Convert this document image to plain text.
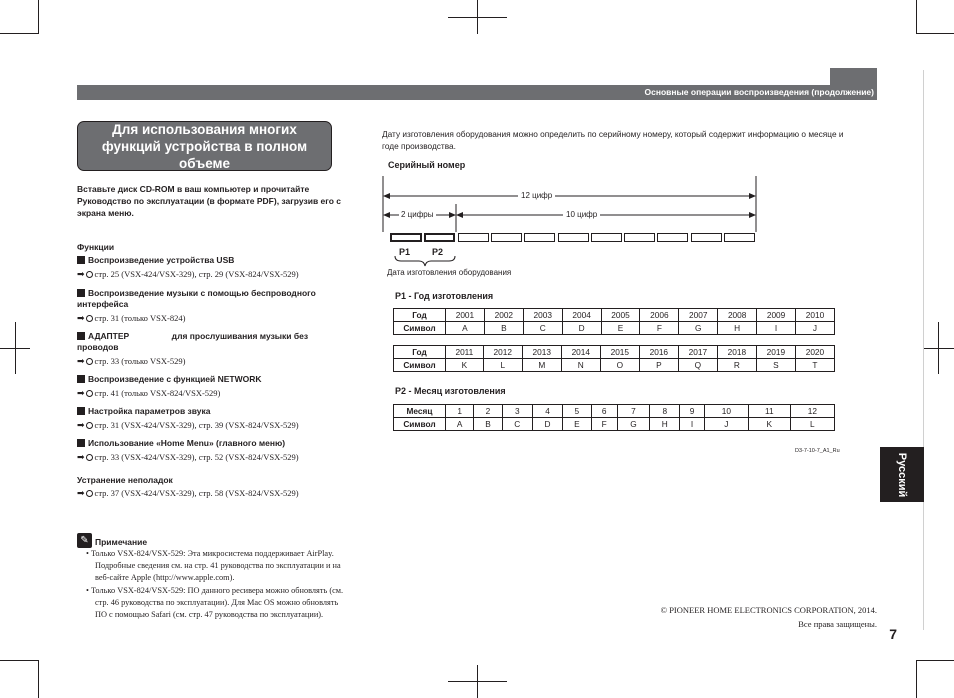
Основные операции воспроизведения (продолжение)
Для использования многих функций устройства в полном объеме
Вставьте диск CD-ROM в ваш компьютер и прочитайте Руководство по эксплуатации (в формате PDF), загрузив его с экрана меню.
Функции
Воспроизведение устройства USB
➡ стр. 25 (VSX-424/VSX-329), стр. 29 (VSX-824/VSX-529)
Воспроизведение музыки с помощью беспроводного интерфейса
➡ стр. 31 (только VSX-824)
АДАПТЕР                  для прослушивания музыки без проводов
➡ стр. 33 (только VSX-529)
Воспроизведение с функцией NETWORK
➡ стр. 41 (только VSX-824/VSX-529)
Настройка параметров звука
➡ стр. 31 (VSX-424/VSX-329), стр. 39 (VSX-824/VSX-529)
Использование «Home Menu» (главного меню)
➡ стр. 33 (VSX-424/VSX-329), стр. 52 (VSX-824/VSX-529)
Устранение неполадок
➡ стр. 37 (VSX-424/VSX-329), стр. 58 (VSX-824/VSX-529)
✎ Примечание
• Только VSX-824/VSX-529: Эта микросистема поддерживает AirPlay. Подробные сведения см. на стр. 41 руководства по эксплуатации и на веб-сайте Apple (http://www.apple.com).
• Только VSX-824/VSX-529: ПО данного ресивера можно обновлять (см. стр. 46 руководства по эксплуатации). Для Mac OS можно обновлять ПО с помощью Safari (см. стр. 47 руководства по эксплуатации).
Дату изготовления оборудования можно определить по серийному номеру, который содержит информацию о месяце и годе производства.
Серийный номер
12 цифр
2 цифры	10 цифр
P1 P2
Дата изготовления оборудования
P1 - Год изготовления
Год	2001	2002	2003	2004	2005	2006	2007	2008	2009	2010
Символ	A	B	C	D	E	F	G	H	I	J
Год	2011	2012	2013	2014	2015	2016	2017	2018	2019	2020
Символ	K	L	M	N	O	P	Q	R	S	T
P2 - Месяц изготовления
Месяц	1	2	3	4	5	6	7	8	9	10	11	12
Символ	A	B	C	D	E	F	G	H	I	J	K	L
D3-7-10-7_A1_Ru
Русский
© PIONEER HOME ELECTRONICS CORPORATION, 2014.
Все права защищены.
7
